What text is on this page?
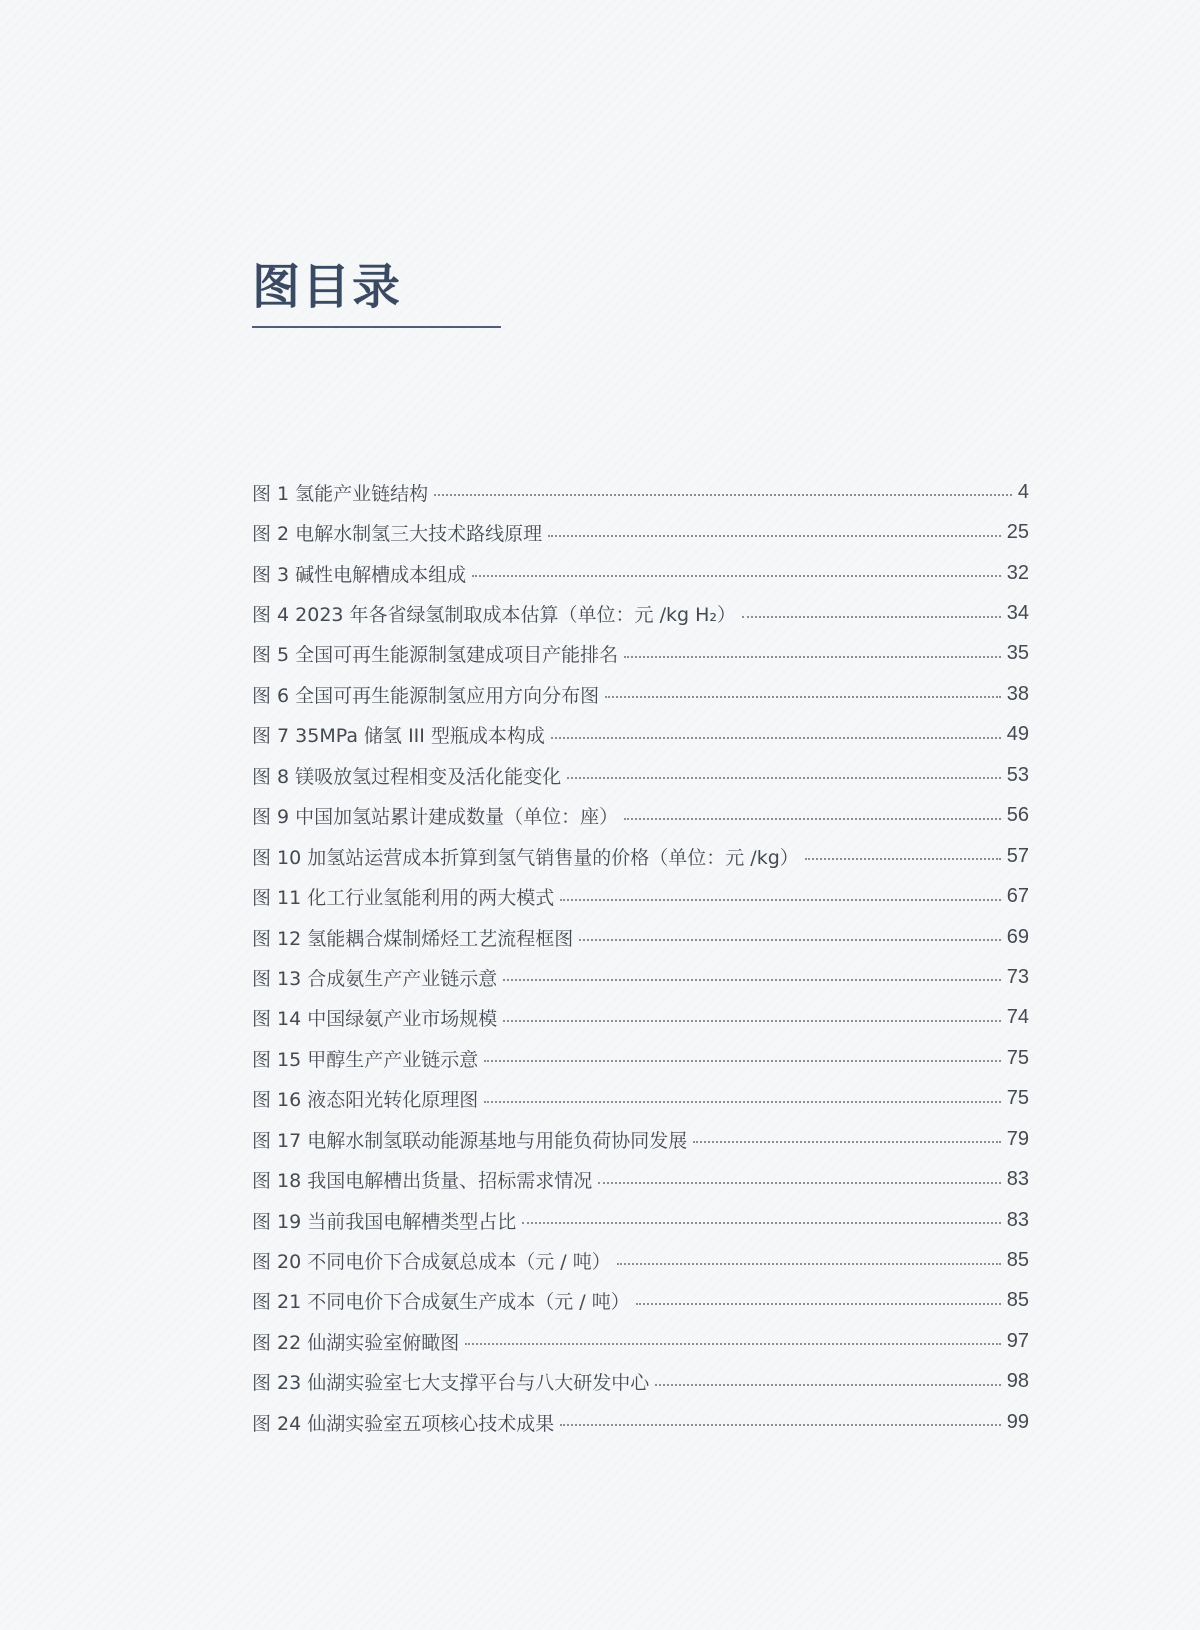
图目录
图 1 氢能产业链结构	4
图 2 电解水制氢三大技术路线原理	25
图 3 碱性电解槽成本组成	32
图 4 2023 年各省绿氢制取成本估算（单位：元 /kg H₂）	34
图 5 全国可再生能源制氢建成项目产能排名	35
图 6 全国可再生能源制氢应用方向分布图	38
图 7 35MPa 储氢 III 型瓶成本构成	49
图 8 镁吸放氢过程相变及活化能变化	53
图 9 中国加氢站累计建成数量（单位：座）	56
图 10 加氢站运营成本折算到氢气销售量的价格（单位：元 /kg）	57
图 11 化工行业氢能利用的两大模式	67
图 12 氢能耦合煤制烯烃工艺流程框图	69
图 13 合成氨生产产业链示意	73
图 14 中国绿氨产业市场规模	74
图 15 甲醇生产产业链示意	75
图 16 液态阳光转化原理图	75
图 17 电解水制氢联动能源基地与用能负荷协同发展	79
图 18 我国电解槽出货量、招标需求情况	83
图 19 当前我国电解槽类型占比	83
图 20 不同电价下合成氨总成本（元 / 吨）	85
图 21 不同电价下合成氨生产成本（元 / 吨）	85
图 22 仙湖实验室俯瞰图	97
图 23 仙湖实验室七大支撑平台与八大研发中心	98
图 24 仙湖实验室五项核心技术成果	99
